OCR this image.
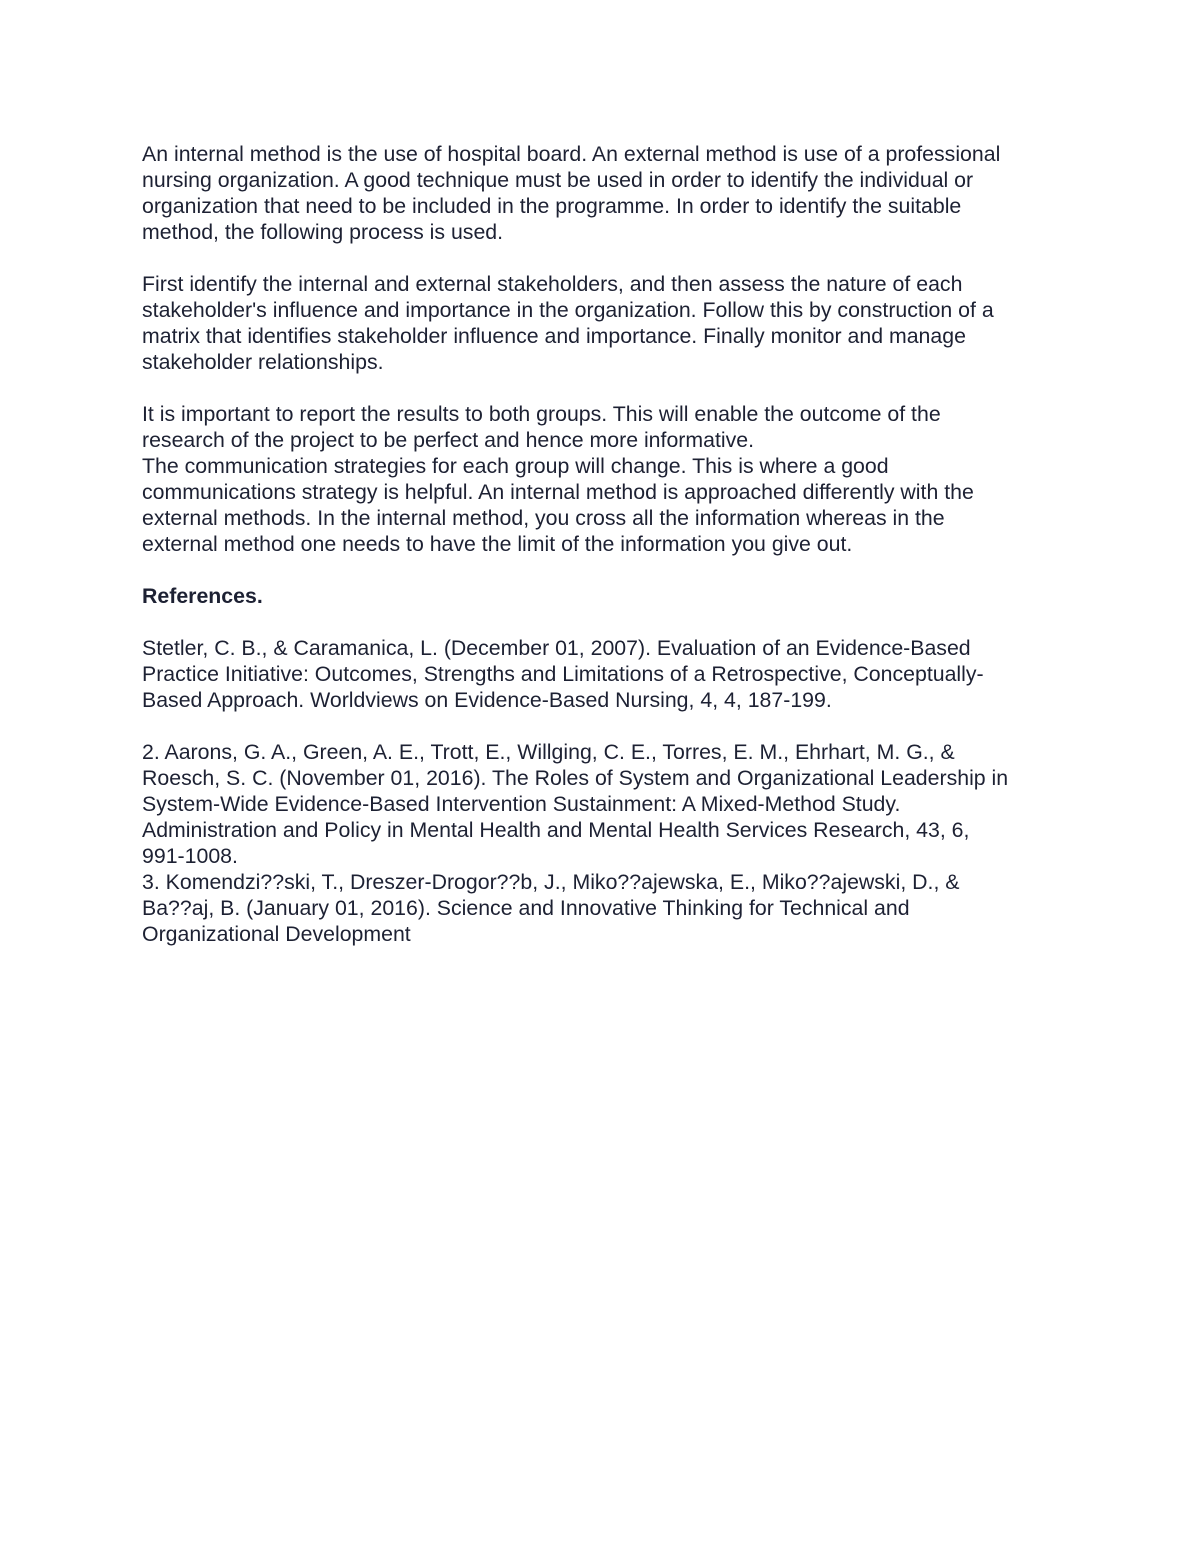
An internal method is the use of hospital board. An external method is use of a professional
nursing organization. A good technique must be used in order to identify the individual or
organization that need to be included in the programme. In order to identify the suitable
method, the following process is used.

First identify the internal and external stakeholders, and then assess the nature of each
stakeholder's influence and importance in the organization. Follow this by construction of a
matrix that identifies stakeholder influence and importance. Finally monitor and manage
stakeholder relationships.

It is important to report the results to both groups. This will enable the outcome of the
research of the project to be perfect and hence more informative.

The communication strategies for each group will change. This is where a good
communications strategy is helpful. An internal method is approached differently with the
external methods. In the internal method, you cross all the information whereas in the
external method one needs to have the limit of the information you give out.

References.

Stetler, C. B., & Caramanica, L. (December 01, 2007). Evaluation of an Evidence-Based
Practice Initiative: Outcomes, Strengths and Limitations of a Retrospective, Conceptually-
Based Approach. Worldviews on Evidence-Based Nursing, 4, 4, 187-199.

2. Aarons, G. A., Green, A. E., Trott, E., Willging, C. E., Torres, E. M., Ehrhart, M. G., &
Roesch, S. C. (November 01, 2016). The Roles of System and Organizational Leadership in
System-Wide Evidence-Based Intervention Sustainment: A Mixed-Method Study.
Administration and Policy in Mental Health and Mental Health Services Research, 43, 6,
991-1008.

3. Komendzi??ski, T., Dreszer-Drogor??b, J., Miko??ajewska, E., Miko??ajewski, D., &
Ba??aj, B. (January 01, 2016). Science and Innovative Thinking for Technical and
Organizational Development
